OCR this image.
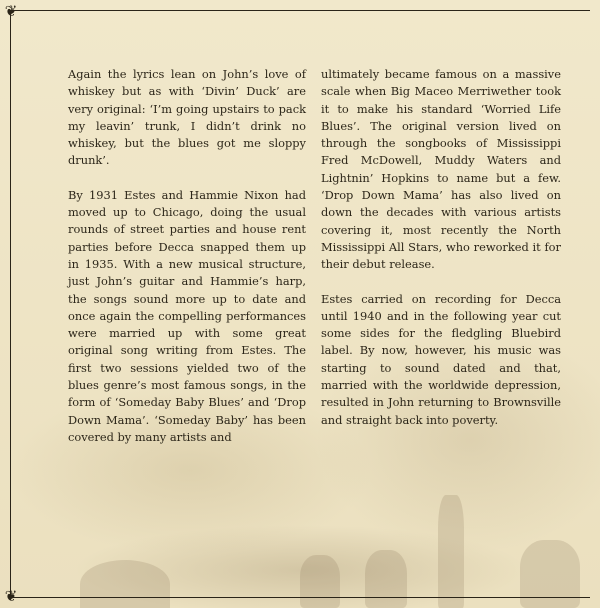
❦
❦

Again the lyrics lean on John’s love of whiskey but as with ‘Divin’ Duck’ are very original: ‘I’m going upstairs to pack my leavin’ trunk, I didn’t drink no whiskey, but the blues got me sloppy drunk’.

By 1931 Estes and Hammie Nixon had moved up to Chicago, doing the usual rounds of street parties and house rent parties before Decca snapped them up in 1935. With a new musical structure, just John’s guitar and Hammie’s harp, the songs sound more up to date and once again the compelling performances were married up with some great original song writing from Estes. The first two sessions yielded two of the blues genre’s most famous songs, in the form of ‘Someday Baby Blues’ and ‘Drop Down Mama’. ‘Someday Baby’ has been covered by many artists and

ultimately became famous on a massive scale when Big Maceo Merriwether took it to make his standard ‘Worried Life Blues’. The original version lived on through the songbooks of Mississippi Fred McDowell, Muddy Waters and Lightnin’ Hopkins to name but a few. ‘Drop Down Mama’ has also lived on down the decades with various artists covering it, most recently the North Mississippi All Stars, who reworked it for their debut release.

Estes carried on recording for Decca until 1940 and in the following year cut some sides for the fledgling Bluebird label. By now, however, his music was starting to sound dated and that, married with the worldwide depression, resulted in John returning to Brownsville and straight back into poverty.
